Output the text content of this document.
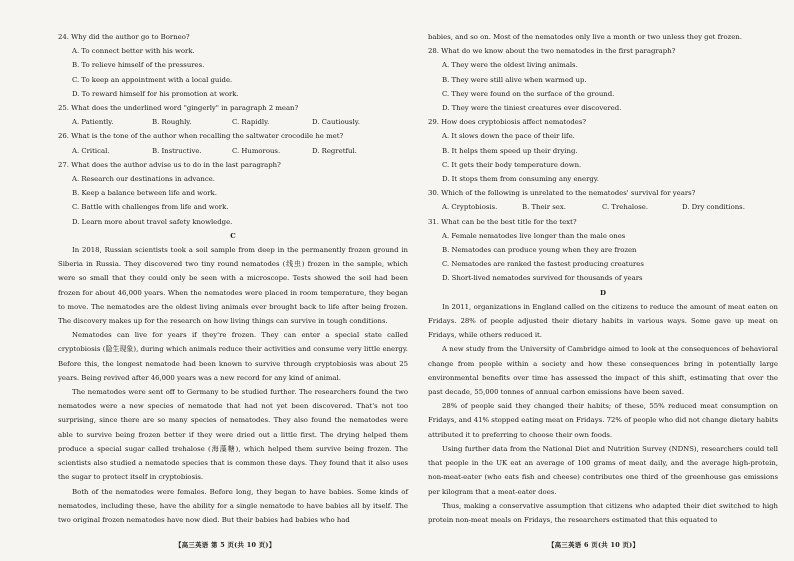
24. Why did the author go to Borneo?
A. To connect better with his work.
B. To relieve himself of the pressures.
C. To keep an appointment with a local guide.
D. To reward himself for his promotion at work.
25. What does the underlined word "gingerly" in paragraph 2 mean?
A. Patiently.	B. Roughly.	C. Rapidly.	D. Cautiously.
26. What is the tone of the author when recalling the saltwater crocodile he met?
A. Critical.	B. Instructive.	C. Humorous.	D. Regretful.
27. What does the author advise us to do in the last paragraph?
A. Research our destinations in advance.
B. Keep a balance between life and work.
C. Battle with challenges from life and work.
D. Learn more about travel safety knowledge.
C

In 2018, Russian scientists took a soil sample from deep in the permanently frozen ground in Siberia in Russia. They discovered two tiny round nematodes (线虫) frozen in the sample, which were so small that they could only be seen with a microscope. Tests showed the soil had been frozen for about 46,000 years. When the nematodes were placed in room temperature, they began to move. The nematodes are the oldest living animals ever brought back to life after being frozen. The discovery makes up for the research on how living things can survive in tough conditions.

Nematodes can live for years if they're frozen. They can enter a special state called cryptobiosis (隐生现象), during which animals reduce their activities and consume very little energy. Before this, the longest nematode had been known to survive through cryptobiosis was about 25 years. Being revived after 46,000 years was a new record for any kind of animal.

The nematodes were sent off to Germany to be studied further. The researchers found the two nematodes were a new species of nematode that had not yet been discovered. That's not too surprising, since there are so many species of nematodes. They also found the nematodes were able to survive being frozen better if they were dried out a little first. The drying helped them produce a special sugar called trehalose (海藻糖), which helped them survive being frozen. The scientists also studied a nematode species that is common these days. They found that it also uses the sugar to protect itself in cryptobiosis.

Both of the nematodes were females. Before long, they began to have babies. Some kinds of nematodes, including these, have the ability for a single nematode to have babies all by itself. The two original frozen nematodes have now died. But their babies had babies who had

babies, and so on. Most of the nematodes only live a month or two unless they get frozen.

28. What do we know about the two nematodes in the first paragraph?
A. They were the oldest living animals.
B. They were still alive when warmed up.
C. They were found on the surface of the ground.
D. They were the tiniest creatures ever discovered.
29. How does cryptobiosis affect nematodes?
A. It slows down the pace of their life.
B. It helps them speed up their drying.
C. It gets their body temperature down.
D. It stops them from consuming any energy.
30. Which of the following is unrelated to the nematodes' survival for years?
A. Cryptobiosis.	B. Their sex.	C. Trehalose.	D. Dry conditions.
31. What can be the best title for the text?
A. Female nematodes live longer than the male ones
B. Nematodes can produce young when they are frozen
C. Nematodes are ranked the fastest producing creatures
D. Short-lived nematodes survived for thousands of years
D

In 2011, organizations in England called on the citizens to reduce the amount of meat eaten on Fridays. 28% of people adjusted their dietary habits in various ways. Some gave up meat on Fridays, while others reduced it.

A new study from the University of Cambridge aimed to look at the consequences of behavioral change from people within a society and how these consequences bring in potentially large environmental benefits over time has assessed the impact of this shift, estimating that over the past decade, 55,000 tonnes of annual carbon emissions have been saved.

28% of people said they changed their habits; of these, 55% reduced meat consumption on Fridays, and 41% stopped eating meat on Fridays. 72% of people who did not change dietary habits attributed it to preferring to choose their own foods.

Using further data from the National Diet and Nutrition Survey (NDNS), researchers could tell that people in the UK eat an average of 100 grams of meat daily, and the average high-protein, non-meat-eater (who eats fish and cheese) contributes one third of the greenhouse gas emissions per kilogram that a meat-eater does.

Thus, making a conservative assumption that citizens who adapted their diet switched to high protein non-meat meals on Fridays, the researchers estimated that this equated to

【高三英语 第 5 页(共 10 页)】	【高三英语 6 页(共 10 页)】
